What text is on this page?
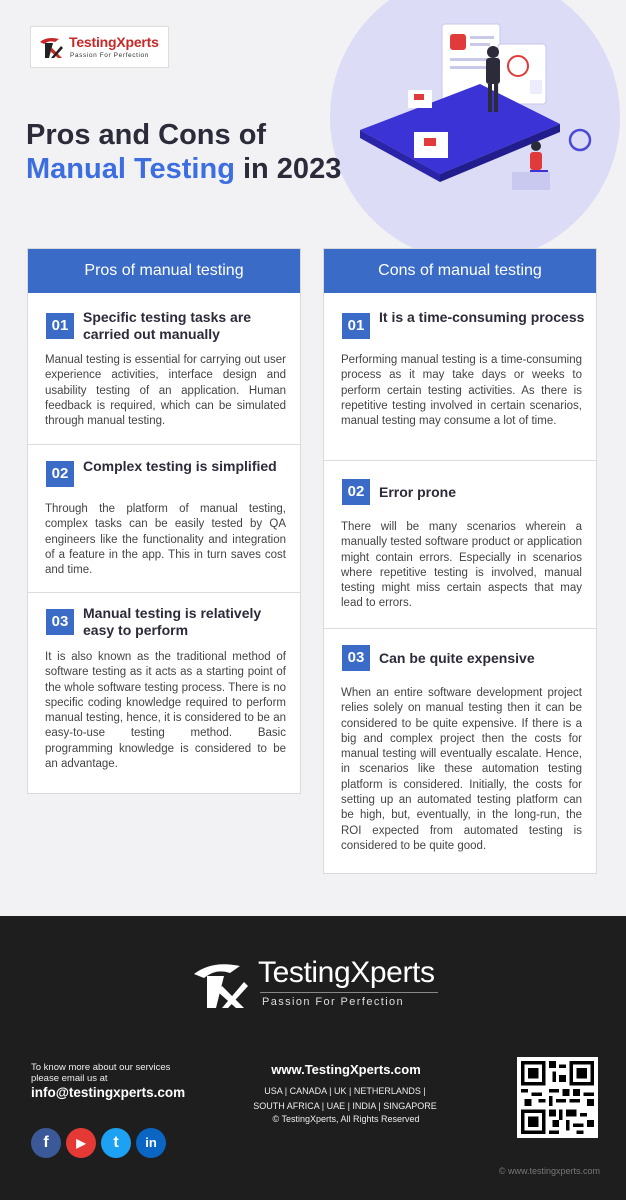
TestingXperts
Passion For Perfection
Pros and Cons of
Manual Testing in 2023
Pros of manual testing
01	Specific testing tasks are carried out manually
Manual testing is essential for carrying out user experience activities, interface design and usability testing of an application. Human feedback is required, which can be simulated through manual testing.
02	Complex testing is simplified
Through the platform of manual testing, complex tasks can be easily tested by QA engineers like the functionality and integration of a feature in the app. This in turn saves cost and time.
03	Manual testing is relatively easy to perform
It is also known as the traditional method of software testing as it acts as a starting point of the whole software testing process. There is no specific coding knowledge required to perform manual testing, hence, it is considered to be an easy-to-use testing method. Basic programming knowledge is considered to be an advantage.
Cons of manual testing
01	It is a time-consuming process
Performing manual testing is a time-consuming process as it may take days or weeks to perform certain testing activities. As there is repetitive testing involved in certain scenarios, manual testing may consume a lot of time.
02	Error prone
There will be many scenarios wherein a manually tested software product or application might contain errors. Especially in scenarios where repetitive testing is involved, manual testing might miss certain aspects that may lead to errors.
03	Can be quite expensive
When an entire software development project relies solely on manual testing then it can be considered to be quite expensive. If there is a big and complex project then the costs for manual testing will eventually escalate. Hence, in scenarios like these automation testing platform is considered. Initially, the costs for setting up an automated testing platform can be high, but, eventually, in the long-run, the ROI expected from automated testing is considered to be quite good.
TestingXperts
Passion For Perfection
To know more about our services please email us at
info@testingxperts.com
f	▶	t	in
www.TestingXperts.com
USA | CANADA | UK | NETHERLANDS |
SOUTH AFRICA | UAE | INDIA | SINGAPORE
© TestingXperts, All Rights Reserved
© www.testingxperts.com
